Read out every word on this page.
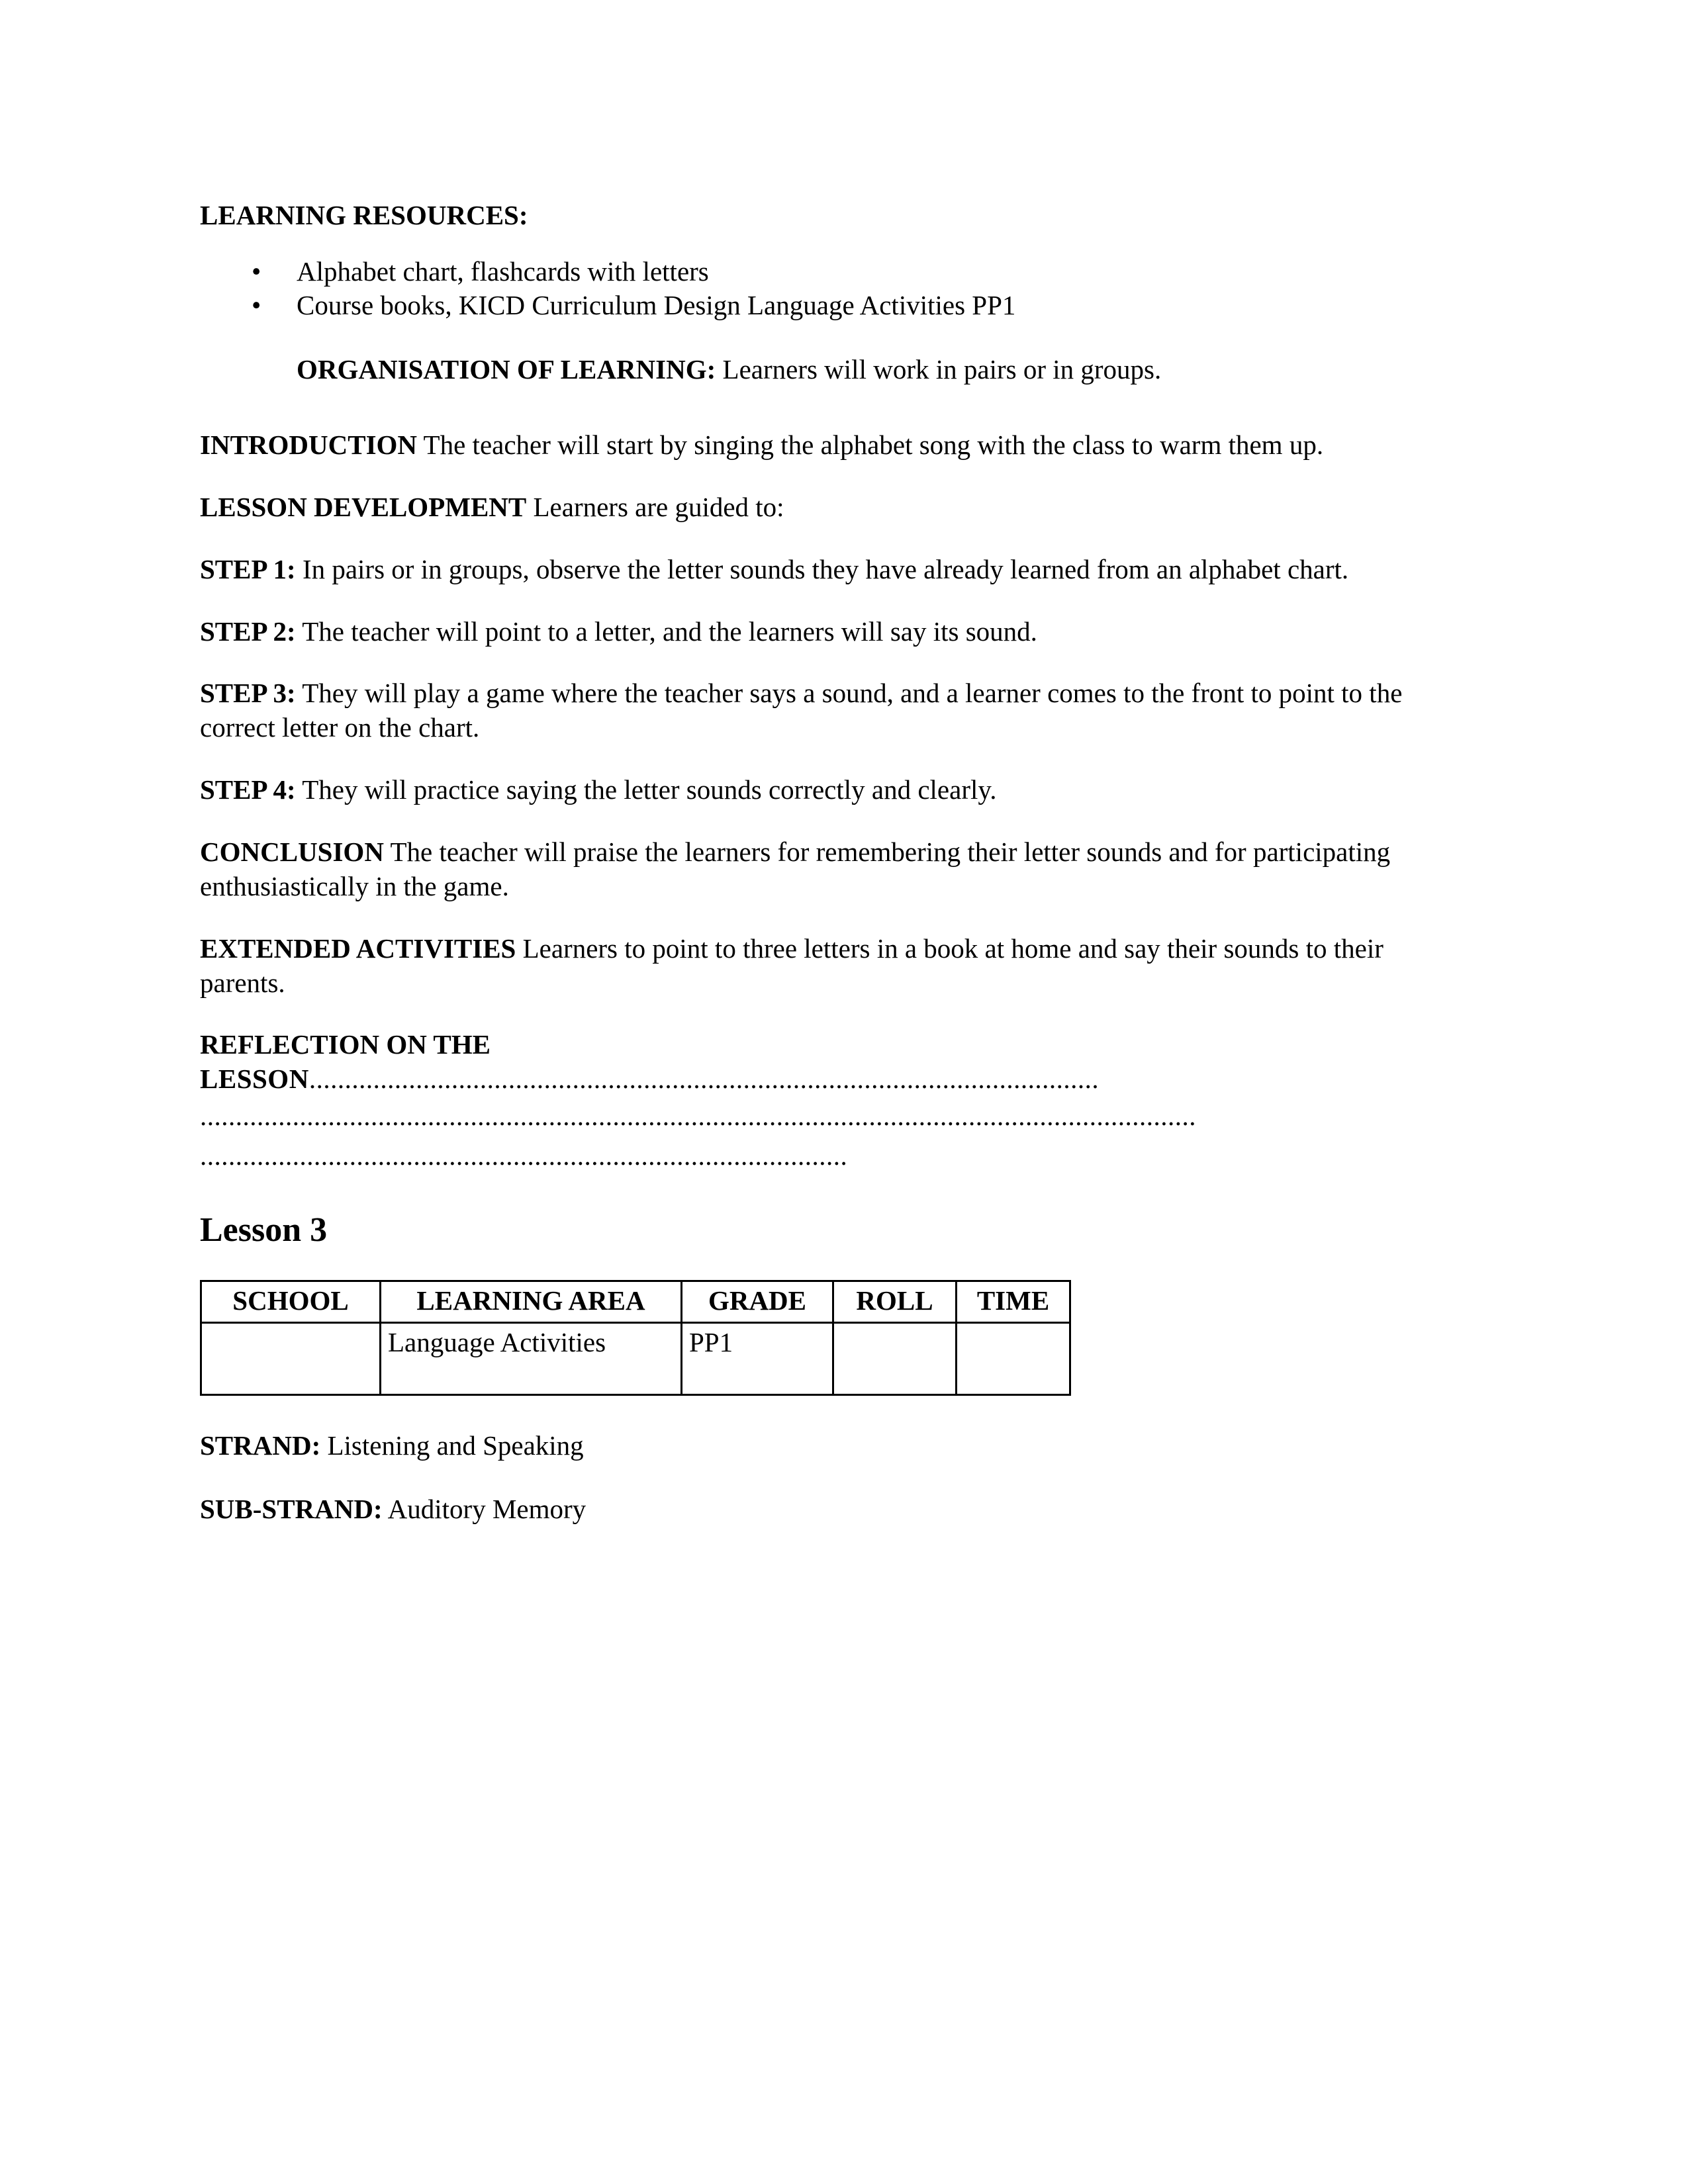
LEARNING RESOURCES:
• Alphabet chart, flashcards with letters
• Course books, KICD Curriculum Design Language Activities PP1
ORGANISATION OF LEARNING: Learners will work in pairs or in groups.

INTRODUCTION The teacher will start by singing the alphabet song with the class to warm them up.

LESSON DEVELOPMENT Learners are guided to:

STEP 1: In pairs or in groups, observe the letter sounds they have already learned from an alphabet chart.

STEP 2: The teacher will point to a letter, and the learners will say its sound.

STEP 3: They will play a game where the teacher says a sound, and a learner comes to the front to point to the correct letter on the chart.

STEP 4: They will practice saying the letter sounds correctly and clearly.

CONCLUSION The teacher will praise the learners for remembering their letter sounds and for participating enthusiastically in the game.

EXTENDED ACTIVITIES Learners to point to three letters in a book at home and say their sounds to their parents.

REFLECTION ON THE
LESSON...............................................................................................................
............................................................................................................................................
...........................................................................................
Lesson 3
SCHOOL	LEARNING AREA	GRADE	ROLL	TIME
	Language Activities	PP1		

STRAND: Listening and Speaking

SUB-STRAND: Auditory Memory
